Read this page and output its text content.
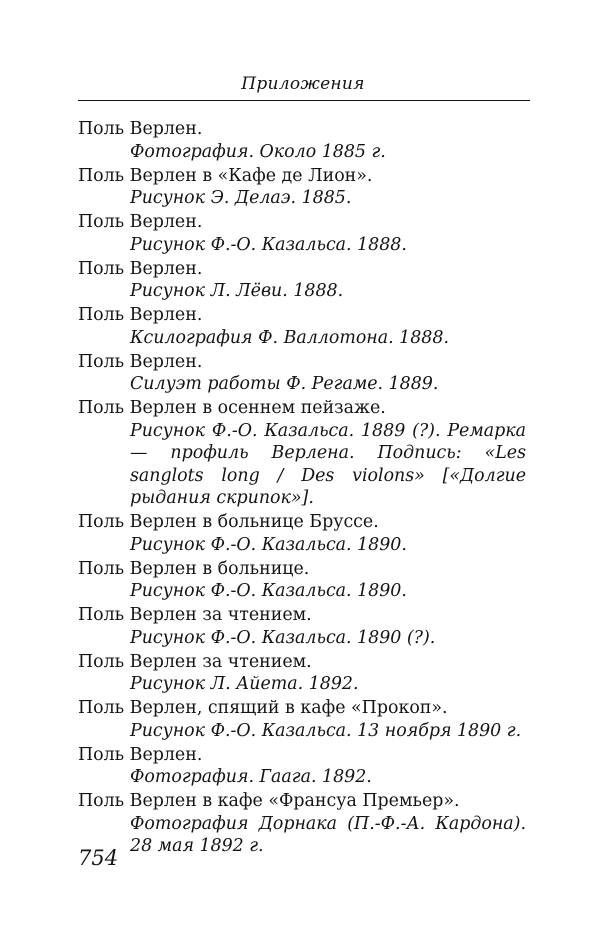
Приложения
Поль Верлен.
Фотография. Около 1885 г.
Поль Верлен в «Кафе де Лион».
Рисунок Э. Делаэ. 1885.
Поль Верлен.
Рисунок Ф.-О. Казальса. 1888.
Поль Верлен.
Рисунок Л. Лёви. 1888.
Поль Верлен.
Ксилография Ф. Валлотона. 1888.
Поль Верлен.
Силуэт работы Ф. Регаме. 1889.
Поль Верлен в осеннем пейзаже.
Рисунок Ф.-О. Казальса. 1889 (?). Ремарка — профиль Верлена. Подпись: «Les sanglots long / Des violons» [«Долгие рыдания скрипок»].
Поль Верлен в больнице Бруссе.
Рисунок Ф.-О. Казальса. 1890.
Поль Верлен в больнице.
Рисунок Ф.-О. Казальса. 1890.
Поль Верлен за чтением.
Рисунок Ф.-О. Казальса. 1890 (?).
Поль Верлен за чтением.
Рисунок Л. Айета. 1892.
Поль Верлен, спящий в кафе «Прокоп».
Рисунок Ф.-О. Казальса. 13 ноября 1890 г.
Поль Верлен.
Фотография. Гаага. 1892.
Поль Верлен в кафе «Франсуа Премьер».
Фотография Дорнака (П.-Ф.-А. Кардона). 28 мая 1892 г.
754
